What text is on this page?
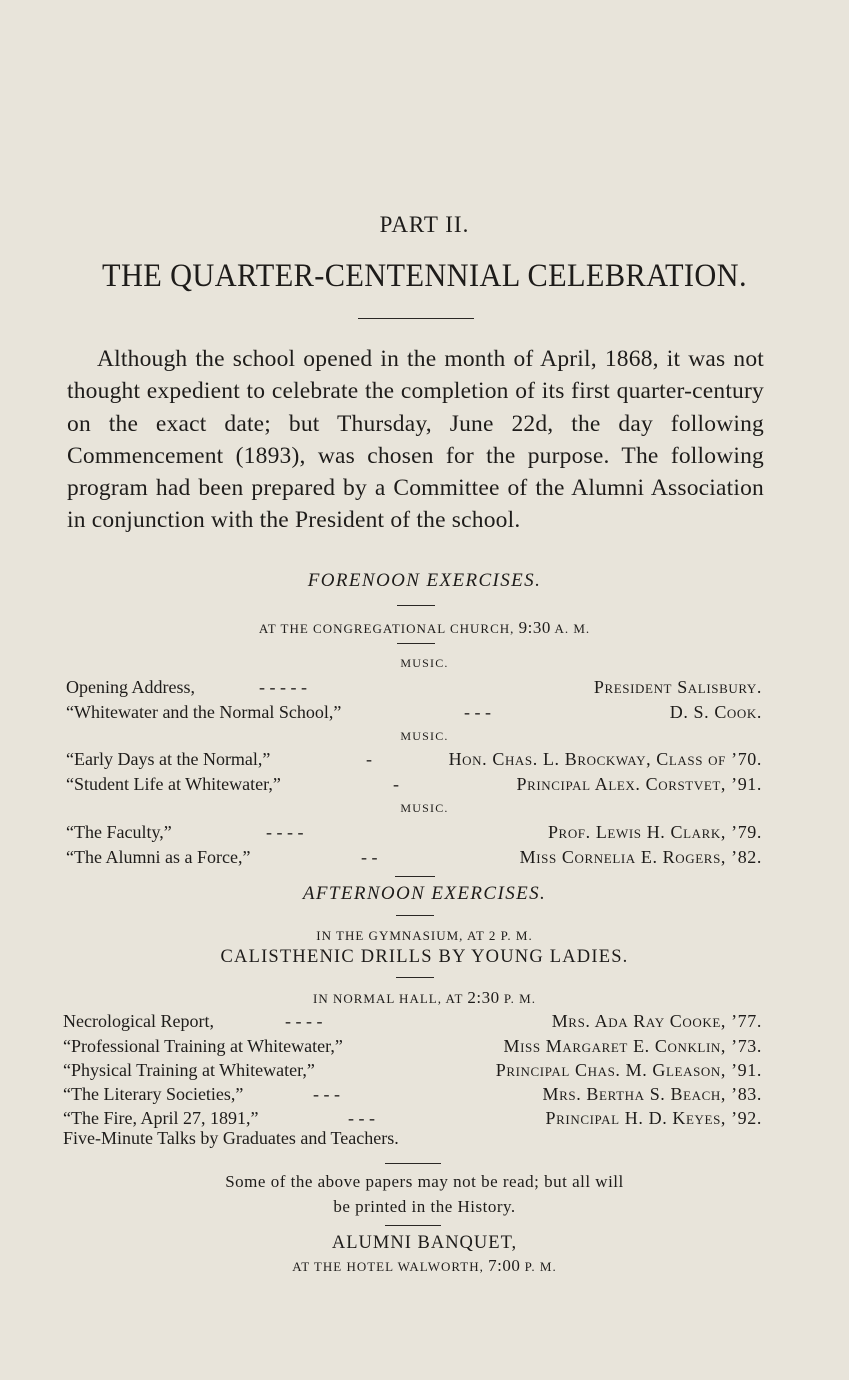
PART II.
THE QUARTER-CENTENNIAL CELEBRATION.

Although the school opened in the month of April, 1868, it was not thought expedient to celebrate the completion of its first quarter-century on the exact date; but Thursday, June 22d, the day following Commencement (1893), was chosen for the purpose. The following program had been prepared by a Committee of the Alumni Association in conjunction with the President of the school.

FORENOON EXERCISES.
AT THE CONGREGATIONAL CHURCH, 9:30 A. M.
MUSIC.
Opening Address,	- - - - -	President Salisbury.
“Whitewater and the Normal School,”	- - -	D. S. Cook.
MUSIC.
“Early Days at the Normal,”	-	Hon. Chas. L. Brockway, Class of ’70.
“Student Life at Whitewater,”	-	Principal Alex. Corstvet, ’91.
MUSIC.
“The Faculty,”	- - - -	Prof. Lewis H. Clark, ’79.
“The Alumni as a Force,”	- -	Miss Cornelia E. Rogers, ’82.
AFTERNOON EXERCISES.
IN THE GYMNASIUM, AT 2 P. M.
CALISTHENIC DRILLS BY YOUNG LADIES.
IN NORMAL HALL, AT 2:30 P. M.
Necrological Report,	- - - -	Mrs. Ada Ray Cooke, ’77.
“Professional Training at Whitewater,”	Miss Margaret E. Conklin, ’73.
“Physical Training at Whitewater,”	Principal Chas. M. Gleason, ’91.
“The Literary Societies,”	- - -	Mrs. Bertha S. Beach, ’83.
“The Fire, April 27, 1891,”	- - -	Principal H. D. Keyes, ’92.
Five-Minute Talks by Graduates and Teachers.
Some of the above papers may not be read; but all will
be printed in the History.
ALUMNI BANQUET,
AT THE HOTEL WALWORTH, 7:00 P. M.
